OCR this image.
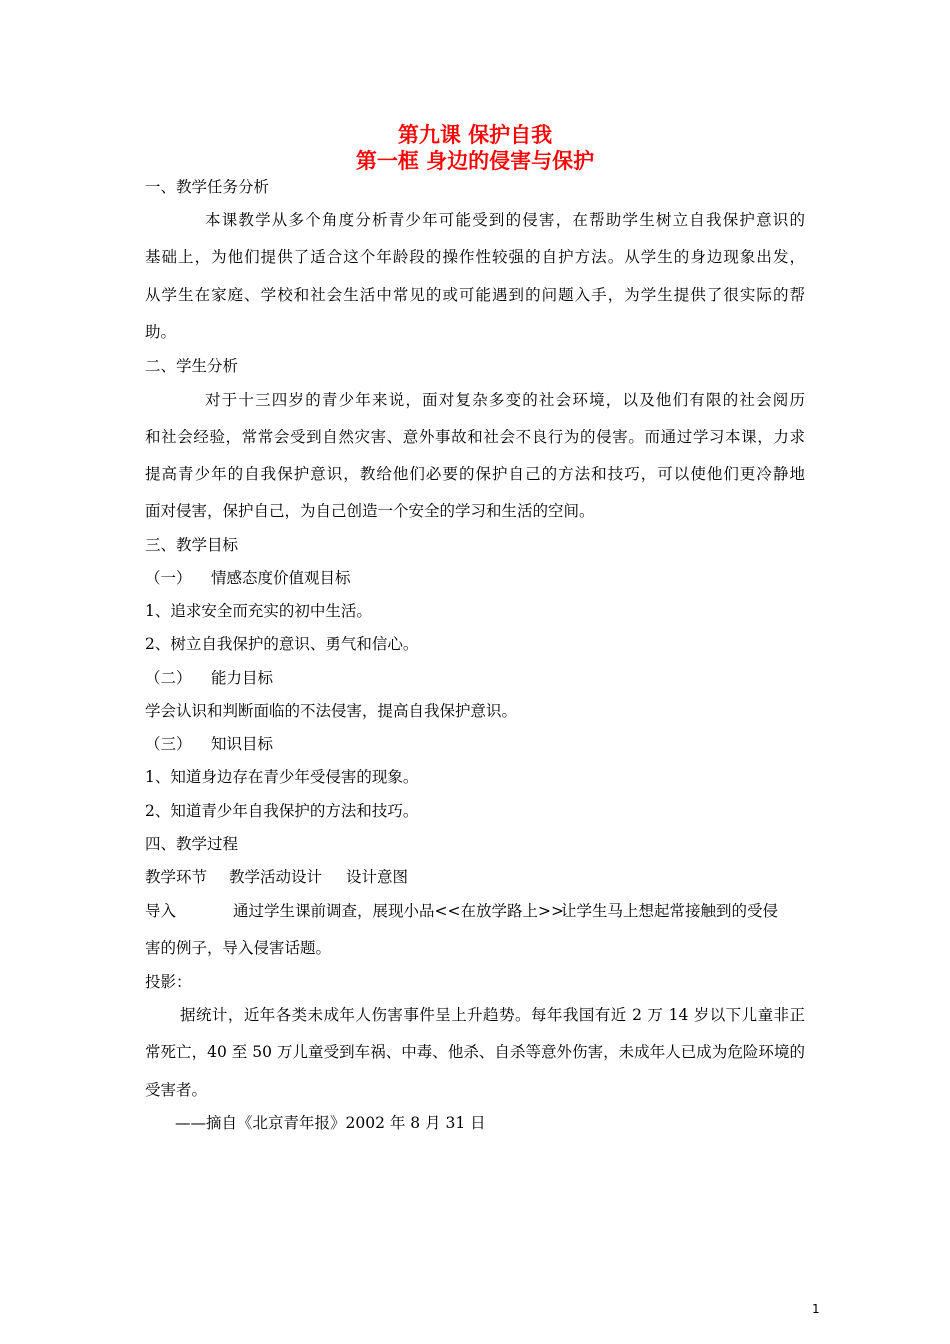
第九课 保护自我
第一框 身边的侵害与保护
一、教学任务分析
本课教学从多个角度分析青少年可能受到的侵害，在帮助学生树立自我保护意识的
基础上，为他们提供了适合这个年龄段的操作性较强的自护方法。从学生的身边现象出发，
从学生在家庭、学校和社会生活中常见的或可能遇到的问题入手，为学生提供了很实际的帮
助。
二、学生分析
对于十三四岁的青少年来说，面对复杂多变的社会环境，以及他们有限的社会阅历
和社会经验，常常会受到自然灾害、意外事故和社会不良行为的侵害。而通过学习本课，力求
提高青少年的自我保护意识，教给他们必要的保护自己的方法和技巧，可以使他们更冷静地
面对侵害，保护自己，为自己创造一个安全的学习和生活的空间。
三、教学目标
（一） 情感态度价值观目标
1、追求安全而充实的初中生活。
2、树立自我保护的意识、勇气和信心。
（二） 能力目标
学会认识和判断面临的不法侵害，提高自我保护意识。
（三） 知识目标
1、知道身边存在青少年受侵害的现象。
2、知道青少年自我保护的方法和技巧。
四、教学过程
教学环节 教学活动设计 设计意图
导入	通过学生课前调查，展现小品<<在放学路上>>让学生马上想起常接触到的受侵
害的例子，导入侵害话题。
投影：
据统计，近年各类未成年人伤害事件呈上升趋势。每年我国有近 2 万 14 岁以下儿童非正
常死亡，40 至 50 万儿童受到车祸、中毒、他杀、自杀等意外伤害，未成年人已成为危险环境的
受害者。
——摘自《北京青年报》2002 年 8 月 31 日
1
